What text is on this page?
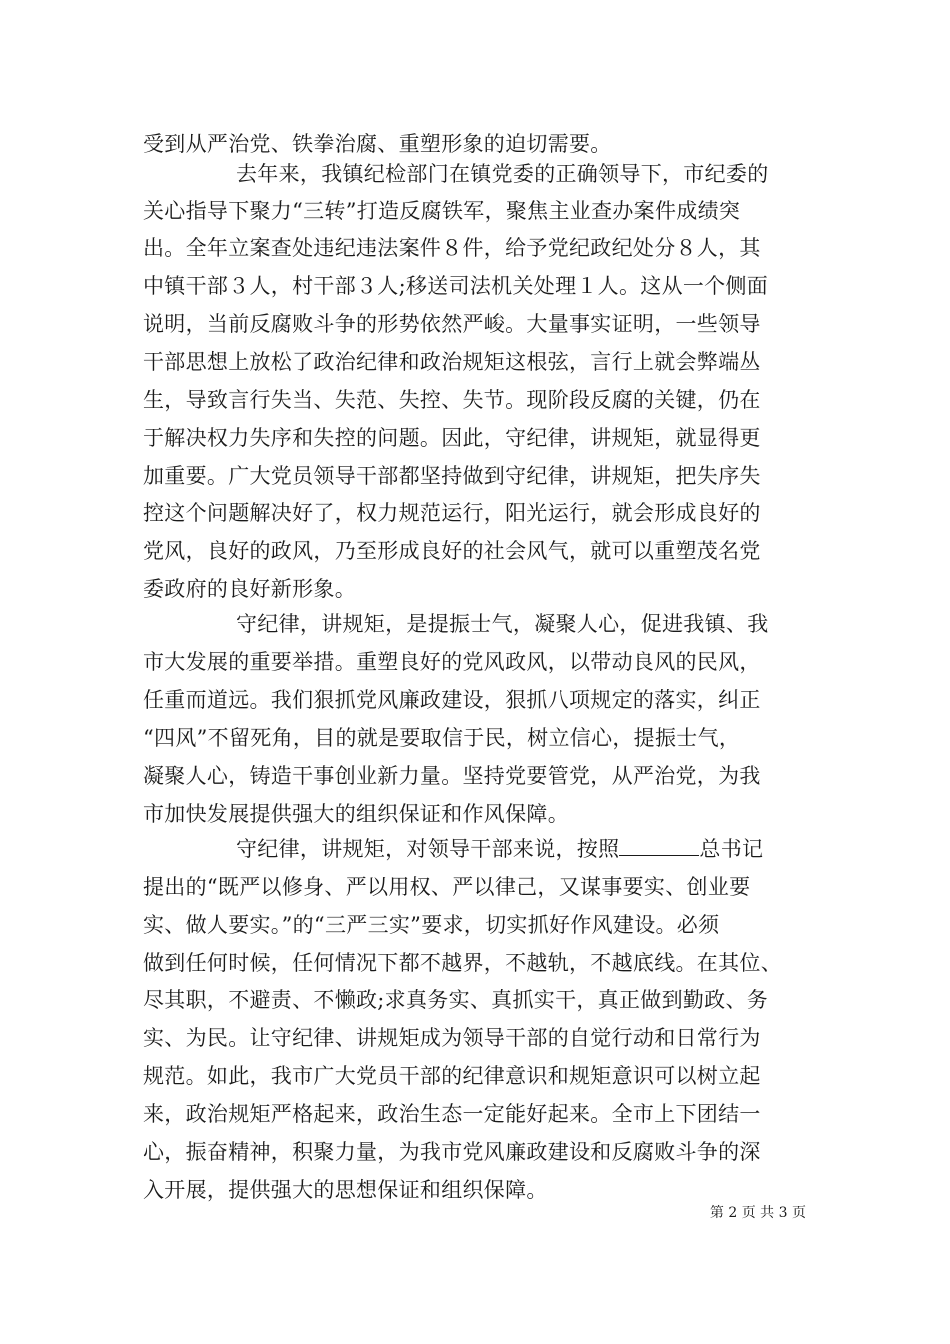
受到从严治党、铁拳治腐、重塑形象的迫切需要。
去年来，我镇纪检部门在镇党委的正确领导下，市纪委的
关心指导下聚力“三转”打造反腐铁军，聚焦主业查办案件成绩突
出。全年立案查处违纪违法案件８件，给予党纪政纪处分８人，其
中镇干部３人，村干部３人;移送司法机关处理１人。这从一个侧面
说明，当前反腐败斗争的形势依然严峻。大量事实证明，一些领导
干部思想上放松了政治纪律和政治规矩这根弦，言行上就会弊端丛
生，导致言行失当、失范、失控、失节。现阶段反腐的关键，仍在
于解决权力失序和失控的问题。因此，守纪律，讲规矩，就显得更
加重要。广大党员领导干部都坚持做到守纪律，讲规矩，把失序失
控这个问题解决好了，权力规范运行，阳光运行，就会形成良好的
党风，良好的政风，乃至形成良好的社会风气，就可以重塑茂名党
委政府的良好新形象。
守纪律，讲规矩，是提振士气，凝聚人心，促进我镇、我
市大发展的重要举措。重塑良好的党风政风，以带动良风的民风，
任重而道远。我们狠抓党风廉政建设，狠抓八项规定的落实，纠正
“四风”不留死角，目的就是要取信于民，树立信心，提振士气，
凝聚人心，铸造干事创业新力量。坚持党要管党，从严治党，为我
市加快发展提供强大的组织保证和作风保障。
守纪律，讲规矩，对领导干部来说，按照	总书记
提出的“既严以修身、严以用权、严以律己，又谋事要实、创业要
实、做人要实。”的“三严三实”要求，切实抓好作风建设。必须
做到任何时候，任何情况下都不越界，不越轨，不越底线。在其位、
尽其职，不避责、不懒政;求真务实、真抓实干，真正做到勤政、务
实、为民。让守纪律、讲规矩成为领导干部的自觉行动和日常行为
规范。如此，我市广大党员干部的纪律意识和规矩意识可以树立起
来，政治规矩严格起来，政治生态一定能好起来。全市上下团结一
心，振奋精神，积聚力量，为我市党风廉政建设和反腐败斗争的深
入开展，提供强大的思想保证和组织保障。
第 2 页 共 3 页
